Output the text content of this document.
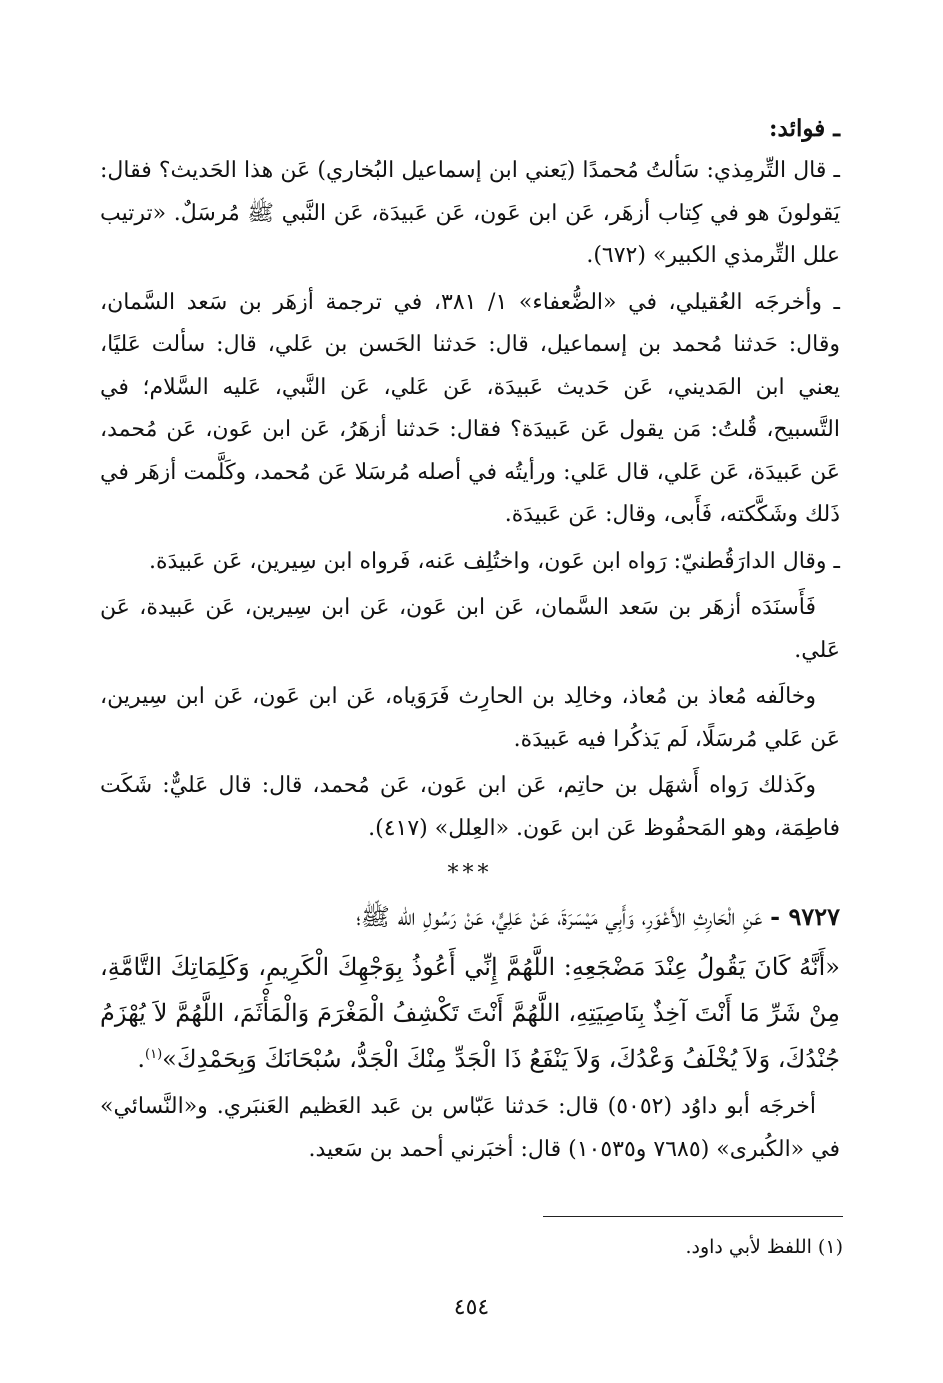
ـ فوائد:

ـ قال التِّرمِذي: سَألتُ مُحمدًا (يَعني ابن إسماعيل البُخاري) عَن هذا الحَديث؟ فقال: يَقولونَ هو في كِتاب أزهَر، عَن ابن عَون، عَن عَبيدَة، عَن النَّبي ﷺ مُرسَلٌ. «ترتيب علل التِّرمذي الكبير» (٦٧٢).

ـ وأخرجَه العُقيلي، في «الضُّعفاء» ١/ ٣٨١، في ترجمة أزهَر بن سَعد السَّمان، وقال: حَدثنا مُحمد بن إسماعيل، قال: حَدثنا الحَسن بن عَلي، قال: سألت عَليًا، يعني ابن المَديني، عَن حَديث عَبيدَة، عَن عَلي، عَن النَّبي، عَليه السَّلام؛ في التَّسبيح، قُلتُ: مَن يقول عَن عَبيدَة؟ فقال: حَدثنا أزهَرُ، عَن ابن عَون، عَن مُحمد، عَن عَبيدَة، عَن عَلي، قال عَلي: ورأيتُه في أصله مُرسَلا عَن مُحمد، وكَلَّمت أزهَر في ذَلك وشَكَّكته، فَأَبى، وقال: عَن عَبيدَة.

ـ وقال الدارَقُطنيّ: رَواه ابن عَون، واختُلِف عَنه، فَرواه ابن سِيرين، عَن عَبيدَة.

فَأَسنَدَه أزهَر بن سَعد السَّمان، عَن ابن عَون، عَن ابن سِيرين، عَن عَبيدة، عَن عَلي.

وخالَفه مُعاذ بن مُعاذ، وخالِد بن الحارِث فَرَوَياه، عَن ابن عَون، عَن ابن سِيرين، عَن عَلي مُرسَلًا، لَم يَذكُرا فيه عَبيدَة.

وكَذلك رَواه أَشهَل بن حاتِم، عَن ابن عَون، عَن مُحمد، قال: قال عَليٌّ: شَكَت فاطِمَة، وهو المَحفُوظ عَن ابن عَون. «العِلل» (٤١٧).

***

٩٧٢٧ - عَنِ الْحَارِثِ الأَعْوَرِ، وَأَبِي مَيْسَرَةَ، عَنْ عَلِيٍّ، عَنْ رَسُولِ الله ﷺ؛

«أَنَّهُ كَانَ يَقُولُ عِنْدَ مَضْجَعِهِ: اللَّهُمَّ إِنِّي أَعُوذُ بِوَجْهِكَ الْكَرِيمِ، وَكَلِمَاتِكَ التَّامَّةِ، مِنْ شَرِّ مَا أَنْتَ آخِذٌ بِنَاصِيَتِهِ، اللَّهُمَّ أَنْتَ تَكْشِفُ الْمَغْرَمَ وَالْمَأْثَمَ، اللَّهُمَّ لاَ يُهْزَمُ جُنْدُكَ، وَلاَ يُخْلَفُ وَعْدُكَ، وَلاَ يَنْفَعُ ذَا الْجَدِّ مِنْكَ الْجَدُّ، سُبْحَانَكَ وَبِحَمْدِكَ»$^{(١)}$.

أخرجَه أبو داوُد (٥٠٥٢) قال: حَدثنا عَبّاس بن عَبد العَظيم العَنبَري. و«النَّسائي» في «الكُبرى» (٧٦٨٥ و١٠٥٣٥) قال: أخبَرني أحمد بن سَعيد.

(١) اللفظ لأبي داود.
٤٥٤
